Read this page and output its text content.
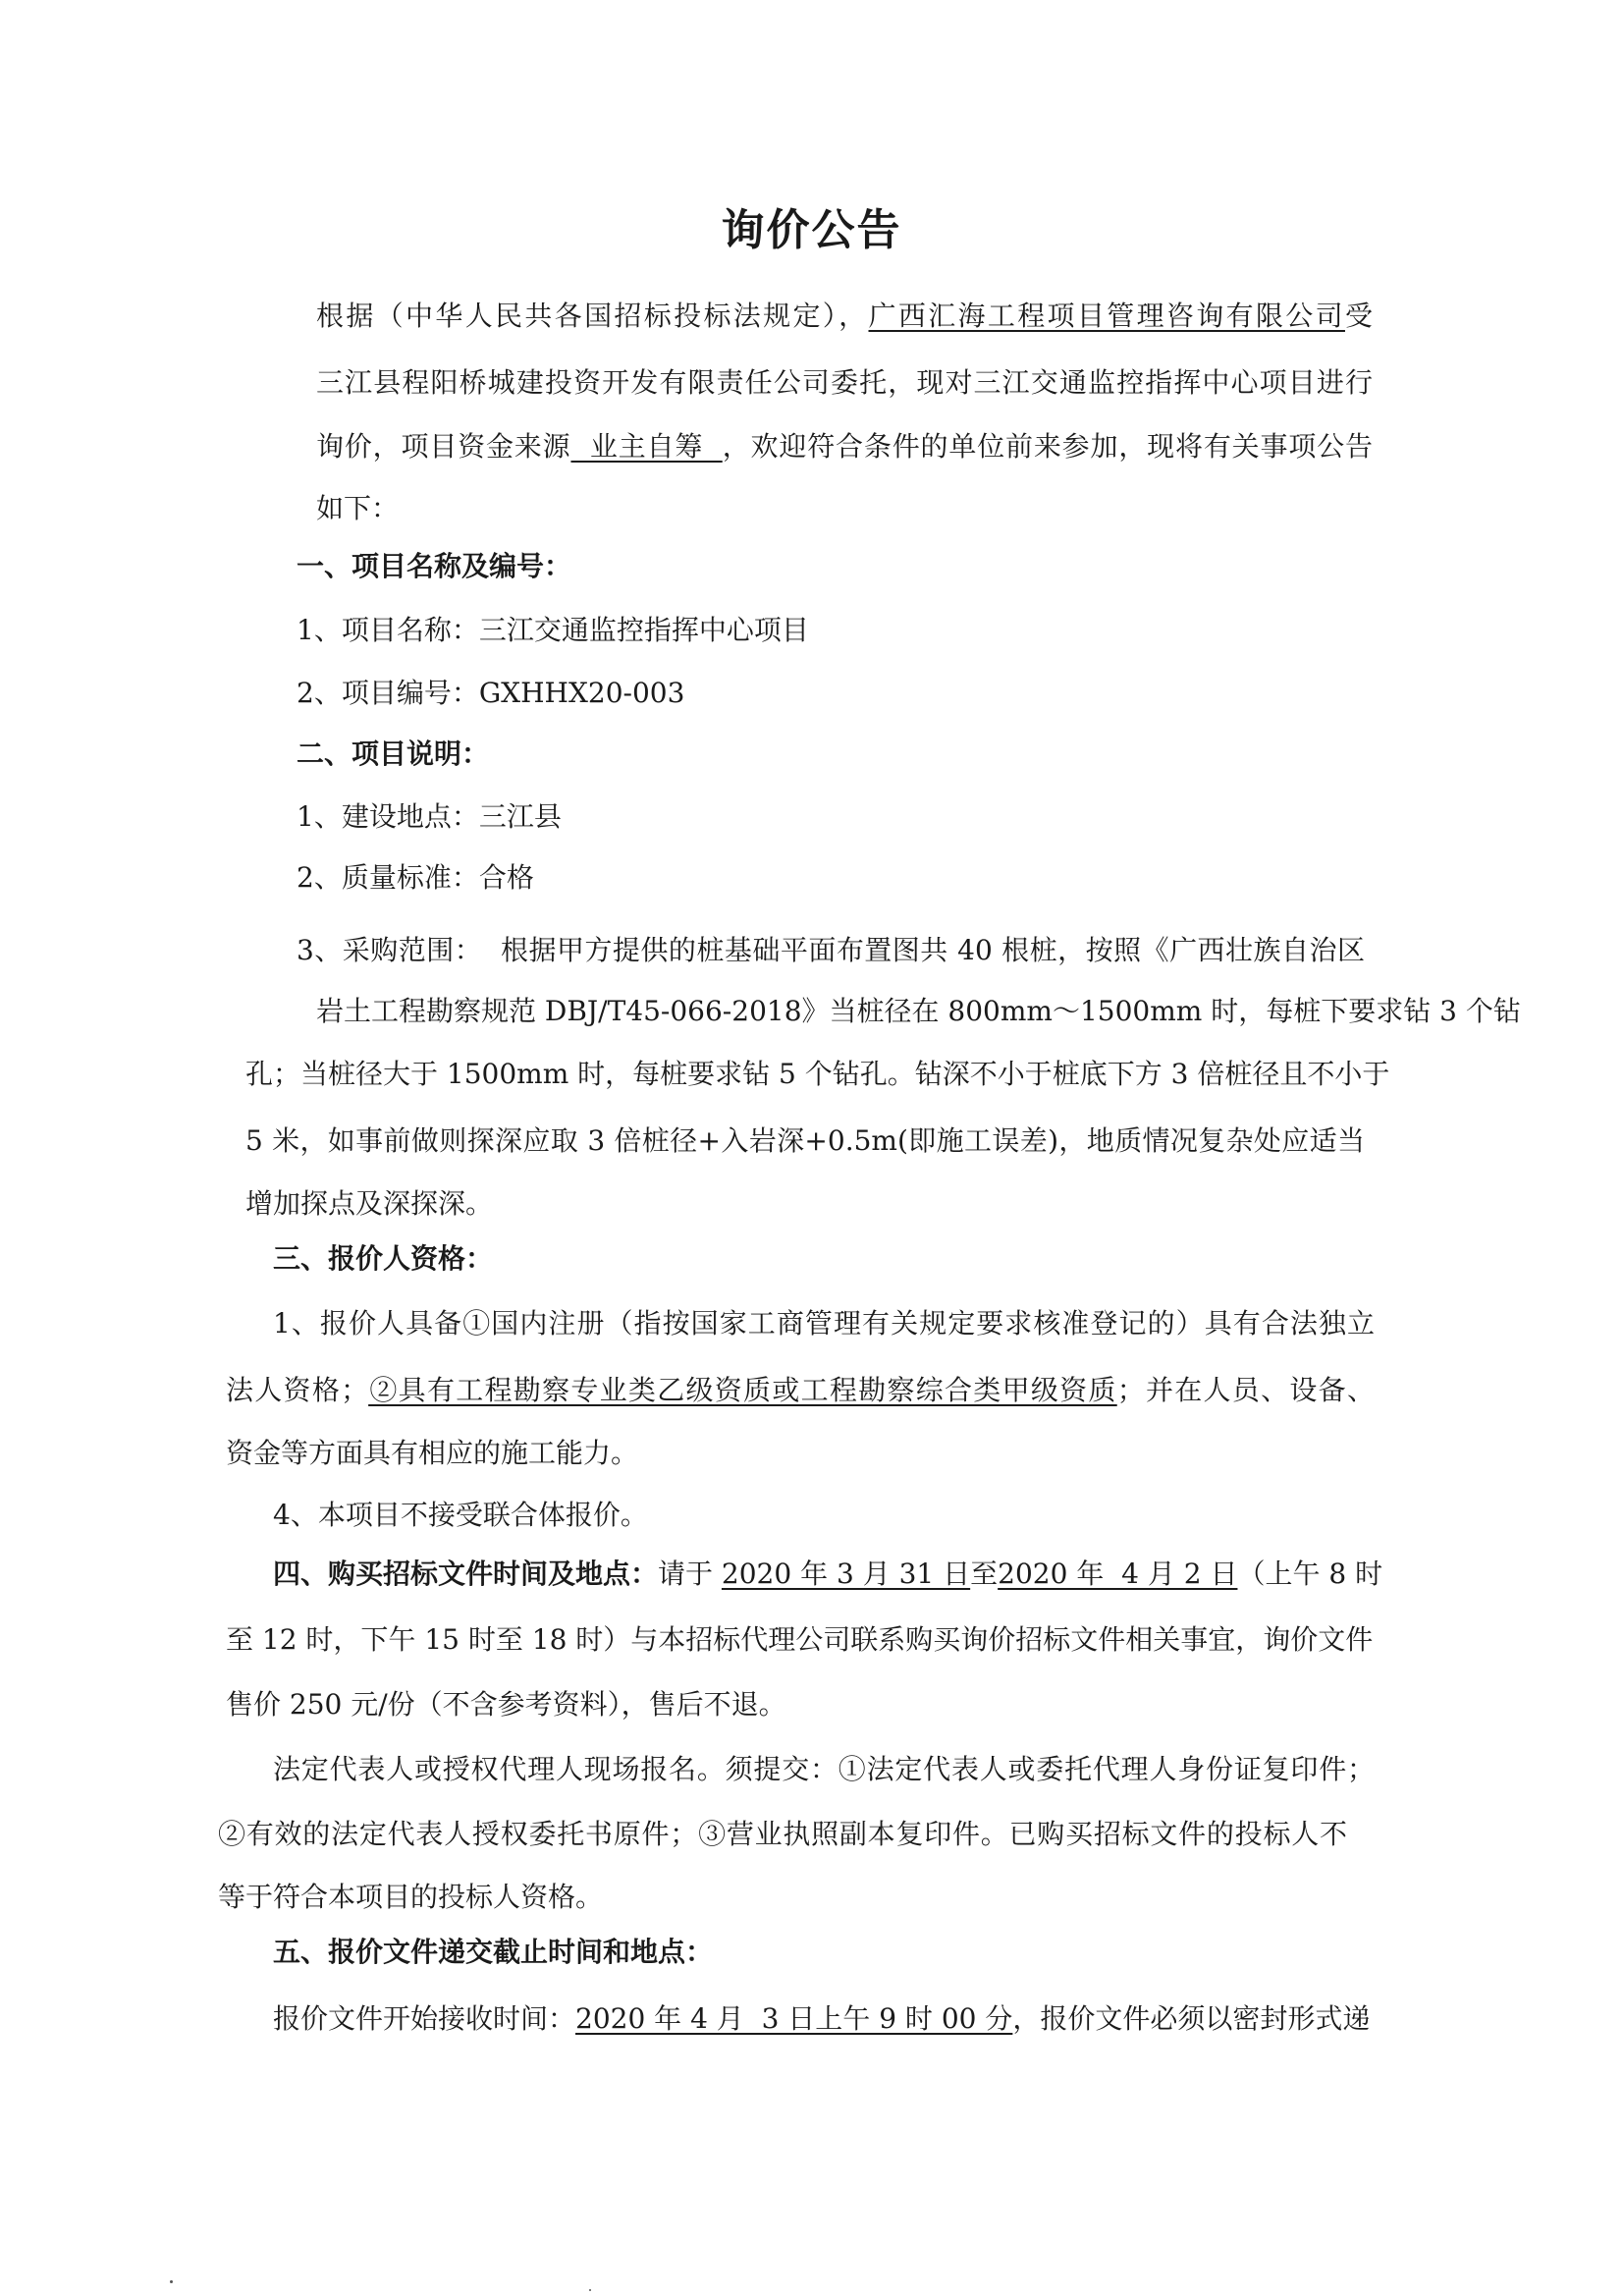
询价公告
根据（中华人民共各国招标投标法规定），广西汇海工程项目管理咨询有限公司受
三江县程阳桥城建投资开发有限责任公司委托，现对三江交通监控指挥中心项目进行
询价，项目资金来源  业主自筹  ，欢迎符合条件的单位前来参加，现将有关事项公告
如下：
一、项目名称及编号：
1、项目名称：三江交通监控指挥中心项目
2、项目编号：GXHHX20-003
二、项目说明：
1、建设地点：三江县
2、质量标准：合格
3、采购范围：  根据甲方提供的桩基础平面布置图共 40 根桩，按照《广西壮族自治区
岩土工程勘察规范 DBJ/T45-066-2018》当桩径在 800mm～1500mm 时，每桩下要求钻 3 个钻
孔；当桩径大于 1500mm 时，每桩要求钻 5 个钻孔。钻深不小于桩底下方 3 倍桩径且不小于
5 米，如事前做则探深应取 3 倍桩径+入岩深+0.5m(即施工误差)，地质情况复杂处应适当
增加探点及深探深。
三、报价人资格：
1、报价人具备①国内注册（指按国家工商管理有关规定要求核准登记的）具有合法独立
法人资格；②具有工程勘察专业类乙级资质或工程勘察综合类甲级资质；并在人员、设备、
资金等方面具有相应的施工能力。
4、本项目不接受联合体报价。
四、购买招标文件时间及地点：请于 2020 年 3 月 31 日至2020 年  4 月 2 日（上午 8 时
至 12 时，下午 15 时至 18 时）与本招标代理公司联系购买询价招标文件相关事宜，询价文件
售价 250 元/份（不含参考资料），售后不退。
法定代表人或授权代理人现场报名。须提交：①法定代表人或委托代理人身份证复印件；
②有效的法定代表人授权委托书原件；③营业执照副本复印件。已购买招标文件的投标人不
等于符合本项目的投标人资格。
五、报价文件递交截止时间和地点：
报价文件开始接收时间：2020 年 4 月  3 日上午 9 时 00 分，报价文件必须以密封形式递
